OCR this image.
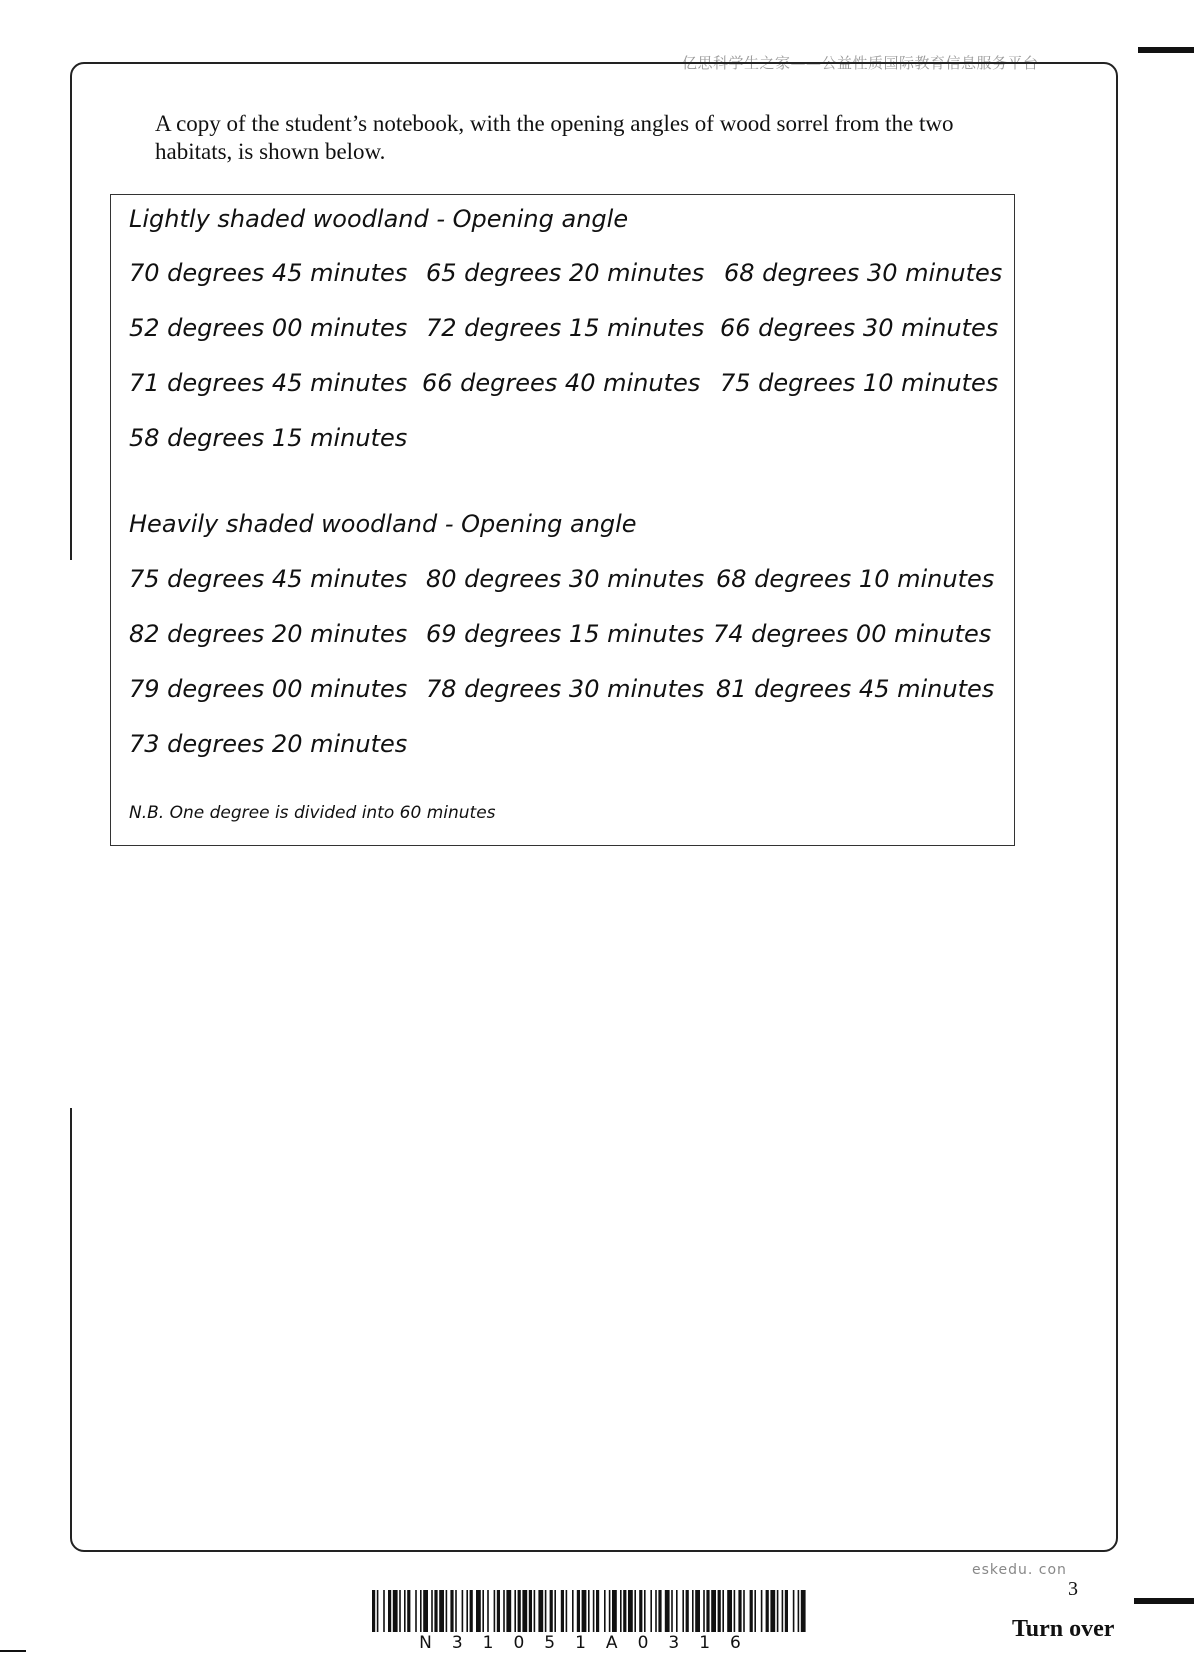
亿思科学生之家——公益性质国际教育信息服务平台
A copy of the student’s notebook, with the opening angles of wood sorrel from the two habitats, is shown below.
Lightly shaded woodland - Opening angle
70 degrees 45 minutes 65 degrees 20 minutes 68 degrees 30 minutes
52 degrees 00 minutes 72 degrees 15 minutes 66 degrees 30 minutes
71 degrees 45 minutes 66 degrees 40 minutes 75 degrees 10 minutes
58 degrees 15 minutes
Heavily shaded woodland - Opening angle
75 degrees 45 minutes 80 degrees 30 minutes 68 degrees 10 minutes
82 degrees 20 minutes 69 degrees 15 minutes 74 degrees 00 minutes
79 degrees 00 minutes 78 degrees 30 minutes 81 degrees 45 minutes
73 degrees 20 minutes
N.B. One degree is divided into 60 minutes
eskedu. con
3
Turn over
N31051A0316
